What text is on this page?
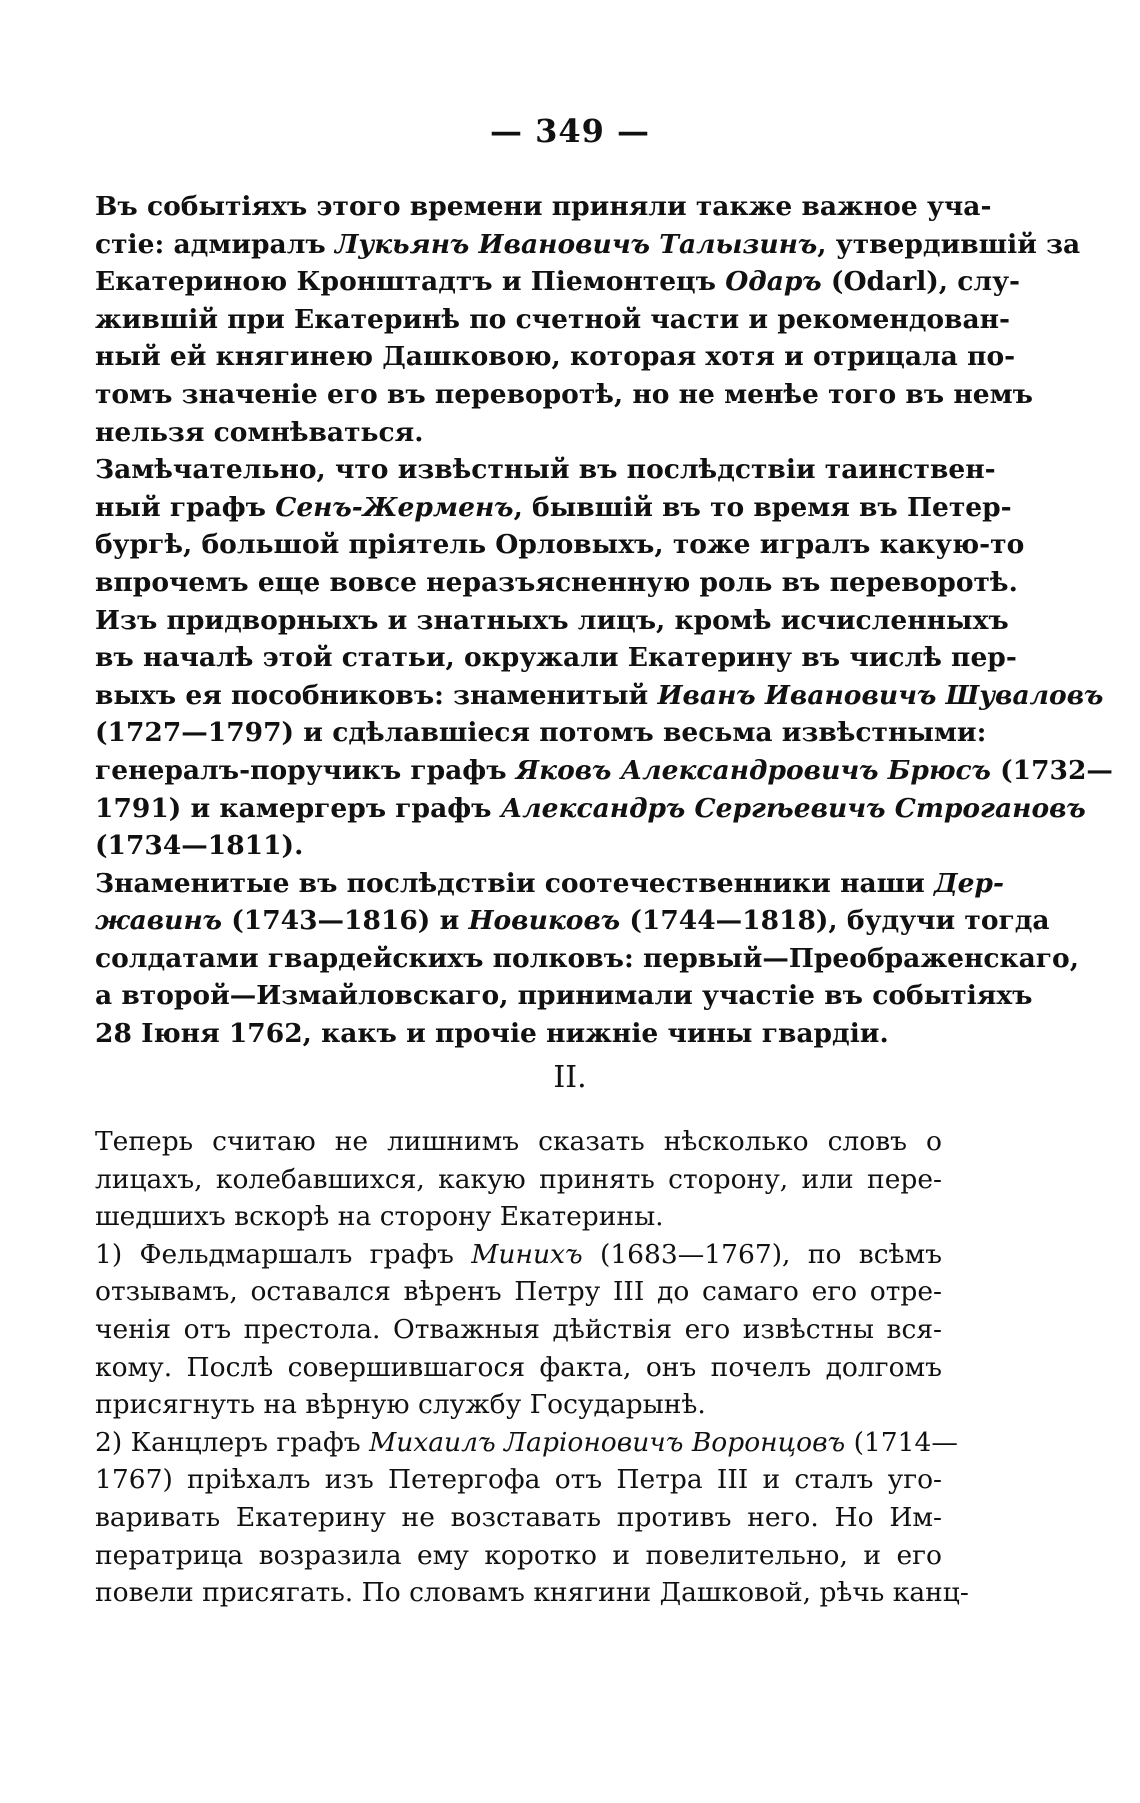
— 349 —
Въ событіяхъ этого времени приняли также важное уча-
стіе: адмиралъ Лукьянъ Ивановичъ Талызинъ, утвердившій за
Екатериною Кронштадтъ и Піемонтецъ Одаръ (Odarl), слу-
жившій при Екатеринѣ по счетной части и рекомендован-
ный ей княгинею Дашковою, которая хотя и отрицала по-
томъ значеніе его въ переворотѣ, но не менѣе того въ немъ
нельзя сомнѣваться.
Замѣчательно, что извѣстный въ послѣдствіи таинствен-
ный графъ Сенъ-Жерменъ, бывшій въ то время въ Петер-
бургѣ, большой пріятель Орловыхъ, тоже игралъ какую-то
впрочемъ еще вовсе неразъясненную роль въ переворотѣ.
Изъ придворныхъ и знатныхъ лицъ, кромѣ исчисленныхъ
въ началѣ этой статьи, окружали Екатерину въ числѣ пер-
выхъ ея пособниковъ: знаменитый Иванъ Ивановичъ Шуваловъ
(1727—1797) и сдѣлавшіеся потомъ весьма извѣстными:
генералъ-поручикъ графъ Яковъ Александровичъ Брюсъ (1732—
1791) и камергеръ графъ Александръ Сергѣевичъ Строгановъ
(1734—1811).
Знаменитые въ послѣдствіи соотечественники наши Дер-
жавинъ (1743—1816) и Новиковъ (1744—1818), будучи тогда
солдатами гвардейскихъ полковъ: первый—Преображенскаго,
а второй—Измайловскаго, принимали участіе въ событіяхъ
28 Іюня 1762, какъ и прочіе нижніе чины гвардіи.
II.
Теперь считаю не лишнимъ сказать нѣсколько словъ о
лицахъ, колебавшихся, какую принять сторону, или пере-
шедшихъ вскорѣ на сторону Екатерины.
1) Фельдмаршалъ графъ Минихъ (1683—1767), по всѣмъ
отзывамъ, оставался вѣренъ Петру III до самаго его отре-
ченія отъ престола. Отважныя дѣйствія его извѣстны вся-
кому. Послѣ совершившагося факта, онъ почелъ долгомъ
присягнуть на вѣрную службу Государынѣ.
2) Канцлеръ графъ Михаилъ Ларіоновичъ Воронцовъ (1714—
1767) пріѣхалъ изъ Петергофа отъ Петра III и сталъ уго-
варивать Екатерину не возставать противъ него. Но Им-
ператрица возразила ему коротко и повелительно, и его
повели присягать. По словамъ княгини Дашковой, рѣчь канц-
